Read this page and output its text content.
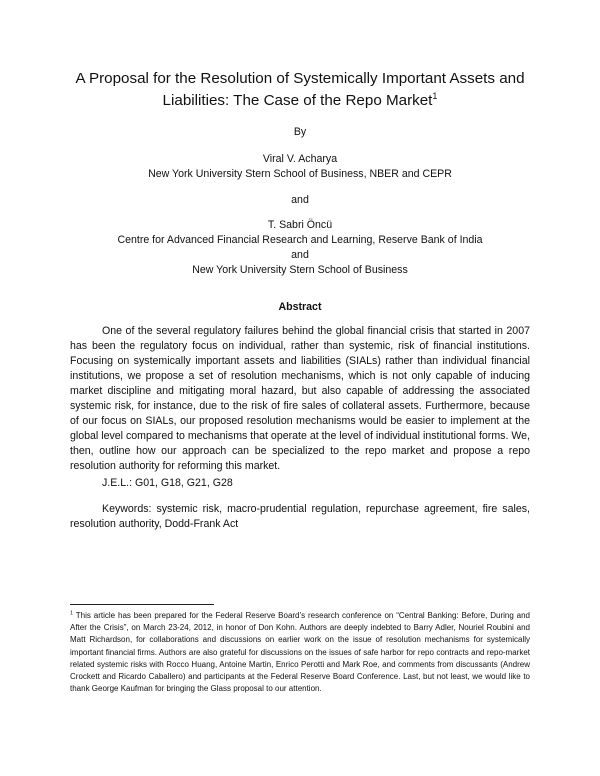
A Proposal for the Resolution of Systemically Important Assets and Liabilities: The Case of the Repo Market$^1$
By
Viral V. Acharya
New York University Stern School of Business, NBER and CEPR
and
T. Sabri Öncü
Centre for Advanced Financial Research and Learning, Reserve Bank of India
and
New York University Stern School of Business
Abstract

One of the several regulatory failures behind the global financial crisis that started in 2007 has been the regulatory focus on individual, rather than systemic, risk of financial institutions. Focusing on systemically important assets and liabilities (SIALs) rather than individual financial institutions, we propose a set of resolution mechanisms, which is not only capable of inducing market discipline and mitigating moral hazard, but also capable of addressing the associated systemic risk, for instance, due to the risk of fire sales of collateral assets. Furthermore, because of our focus on SIALs, our proposed resolution mechanisms would be easier to implement at the global level compared to mechanisms that operate at the level of individual institutional forms. We, then, outline how our approach can be specialized to the repo market and propose a repo resolution authority for reforming this market.

J.E.L.: G01, G18, G21, G28

Keywords: systemic risk, macro-prudential regulation, repurchase agreement, fire sales, resolution authority, Dodd-Frank Act

$^1$ This article has been prepared for the Federal Reserve Board’s research conference on “Central Banking: Before, During and After the Crisis”, on March 23-24, 2012, in honor of Don Kohn. Authors are deeply indebted to Barry Adler, Nouriel Roubini and Matt Richardson, for collaborations and discussions on earlier work on the issue of resolution mechanisms for systemically important financial firms. Authors are also grateful for discussions on the issues of safe harbor for repo contracts and repo-market related systemic risks with Rocco Huang, Antoine Martin, Enrico Perotti and Mark Roe, and comments from discussants (Andrew Crockett and Ricardo Caballero) and participants at the Federal Reserve Board Conference. Last, but not least, we would like to thank George Kaufman for bringing the Glass proposal to our attention.
